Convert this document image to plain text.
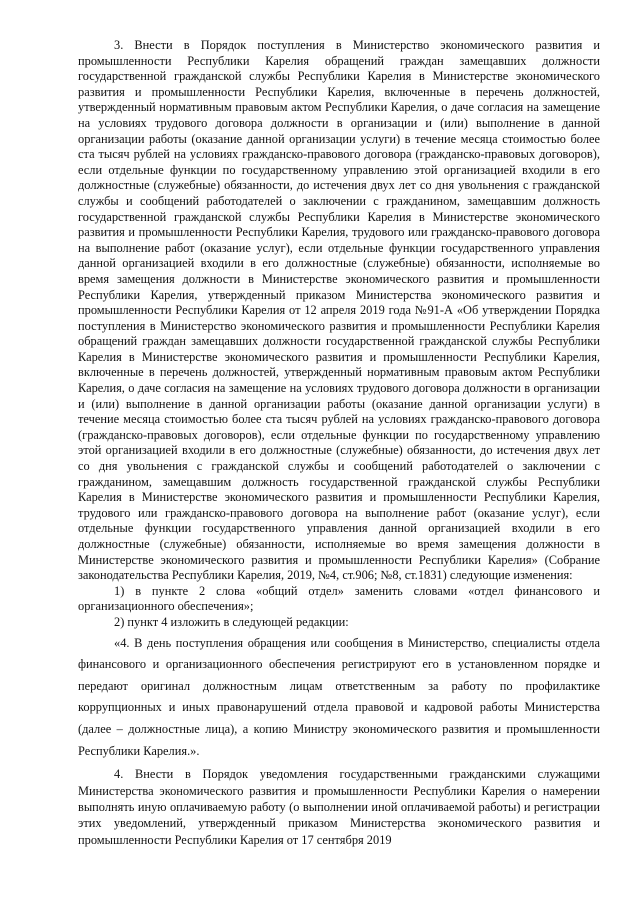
3. Внести в Порядок поступления в Министерство экономического развития и промышленности Республики Карелия обращений граждан замещавших должности государственной гражданской службы Республики Карелия в Министерстве экономического развития и промышленности Республики Карелия, включенные в перечень должностей, утвержденный нормативным правовым актом Республики Карелия, о даче согласия на замещение на условиях трудового договора должности в организации и (или) выполнение в данной организации работы (оказание данной организации услуги) в течение месяца стоимостью более ста тысяч рублей на условиях гражданско-правового договора (гражданско-правовых договоров), если отдельные функции по государственному управлению этой организацией входили в его должностные (служебные) обязанности, до истечения двух лет со дня увольнения с гражданской службы и сообщений работодателей о заключении с гражданином, замещавшим должность государственной гражданской службы Республики Карелия в Министерстве экономического развития и промышленности Республики Карелия, трудового или гражданско-правового договора на выполнение работ (оказание услуг), если отдельные функции государственного управления данной организацией входили в его должностные (служебные) обязанности, исполняемые во время замещения должности в Министерстве экономического развития и промышленности Республики Карелия, утвержденный приказом Министерства экономического развития и промышленности Республики Карелия от 12 апреля 2019 года №91-А «Об утверждении Порядка поступления в Министерство экономического развития и промышленности Республики Карелия обращений граждан замещавших должности государственной гражданской службы Республики Карелия в Министерстве экономического развития и промышленности Республики Карелия, включенные в перечень должностей, утвержденный нормативным правовым актом Республики Карелия, о даче согласия на замещение на условиях трудового договора должности в организации и (или) выполнение в данной организации работы (оказание данной организации услуги) в течение месяца стоимостью более ста тысяч рублей на условиях гражданско-правового договора (гражданско-правовых договоров), если отдельные функции по государственному управлению этой организацией входили в его должностные (служебные) обязанности, до истечения двух лет со дня увольнения с гражданской службы и сообщений работодателей о заключении с гражданином, замещавшим должность государственной гражданской службы Республики Карелия в Министерстве экономического развития и промышленности Республики Карелия, трудового или гражданско-правового договора на выполнение работ (оказание услуг), если отдельные функции государственного управления данной организацией входили в его должностные (служебные) обязанности, исполняемые во время замещения должности в Министерстве экономического развития и промышленности Республики Карелия» (Собрание законодательства Республики Карелия, 2019, №4, ст.906; №8, ст.1831) следующие изменения:

1) в пункте 2 слова «общий отдел» заменить словами «отдел финансового и организационного обеспечения»;

2) пункт 4 изложить в следующей редакции:

«4. В день поступления обращения или сообщения в Министерство, специалисты отдела финансового и организационного обеспечения регистрируют его в установленном порядке и передают оригинал должностным лицам ответственным за работу по профилактике коррупционных и иных правонарушений отдела правовой и кадровой работы Министерства (далее – должностные лица), а копию Министру экономического развития и промышленности Республики Карелия.».

4. Внести в Порядок уведомления государственными гражданскими служащими Министерства экономического развития и промышленности Республики Карелия о намерении выполнять иную оплачиваемую работу (о выполнении иной оплачиваемой работы) и регистрации этих уведомлений, утвержденный приказом Министерства экономического развития и промышленности Республики Карелия от 17 сентября 2019
